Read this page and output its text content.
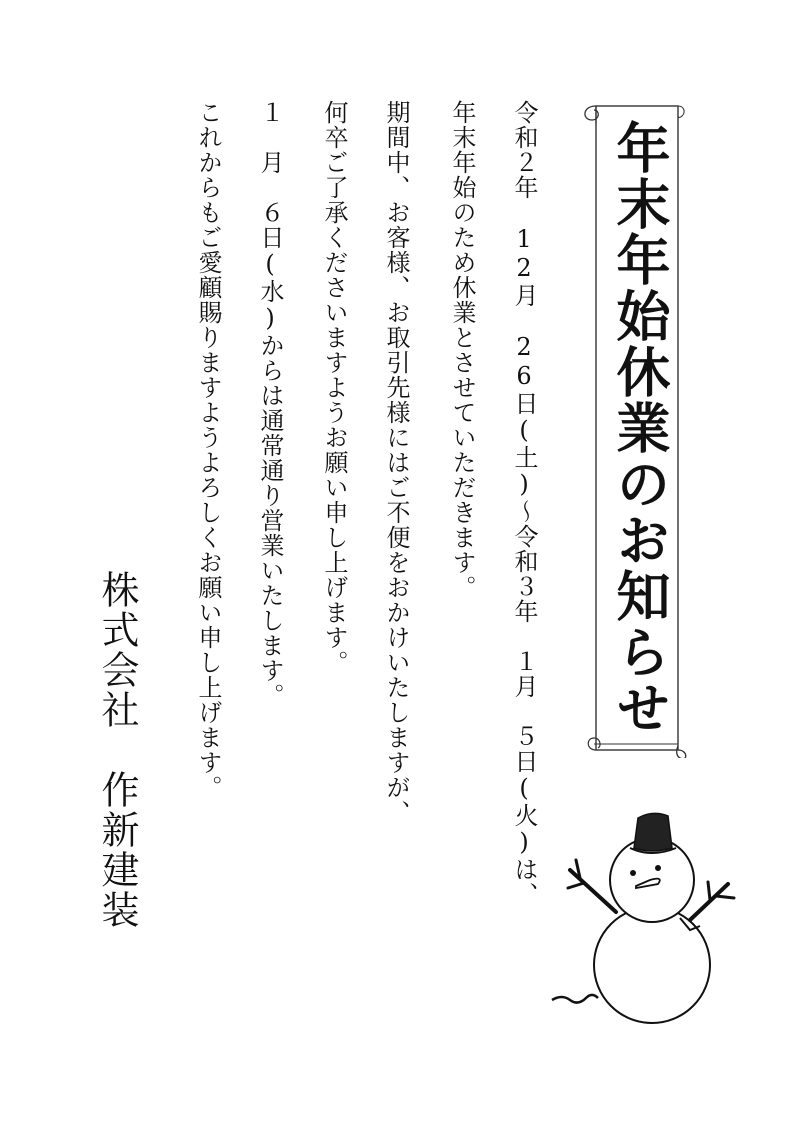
年末年始休業のお知らせ
令和２年　12月　26日(土)～令和３年　１月　５日(火)は、
年末年始のため休業とさせていただきます。
期間中、お客様、お取引先様にはご不便をおかけいたしますが、
何卒ご了承くださいますようお願い申し上げます。
１　月　６日(水)からは通常通り営業いたします。
これからもご愛顧賜りますようよろしくお願い申し上げます。
株式会社　作新建装
